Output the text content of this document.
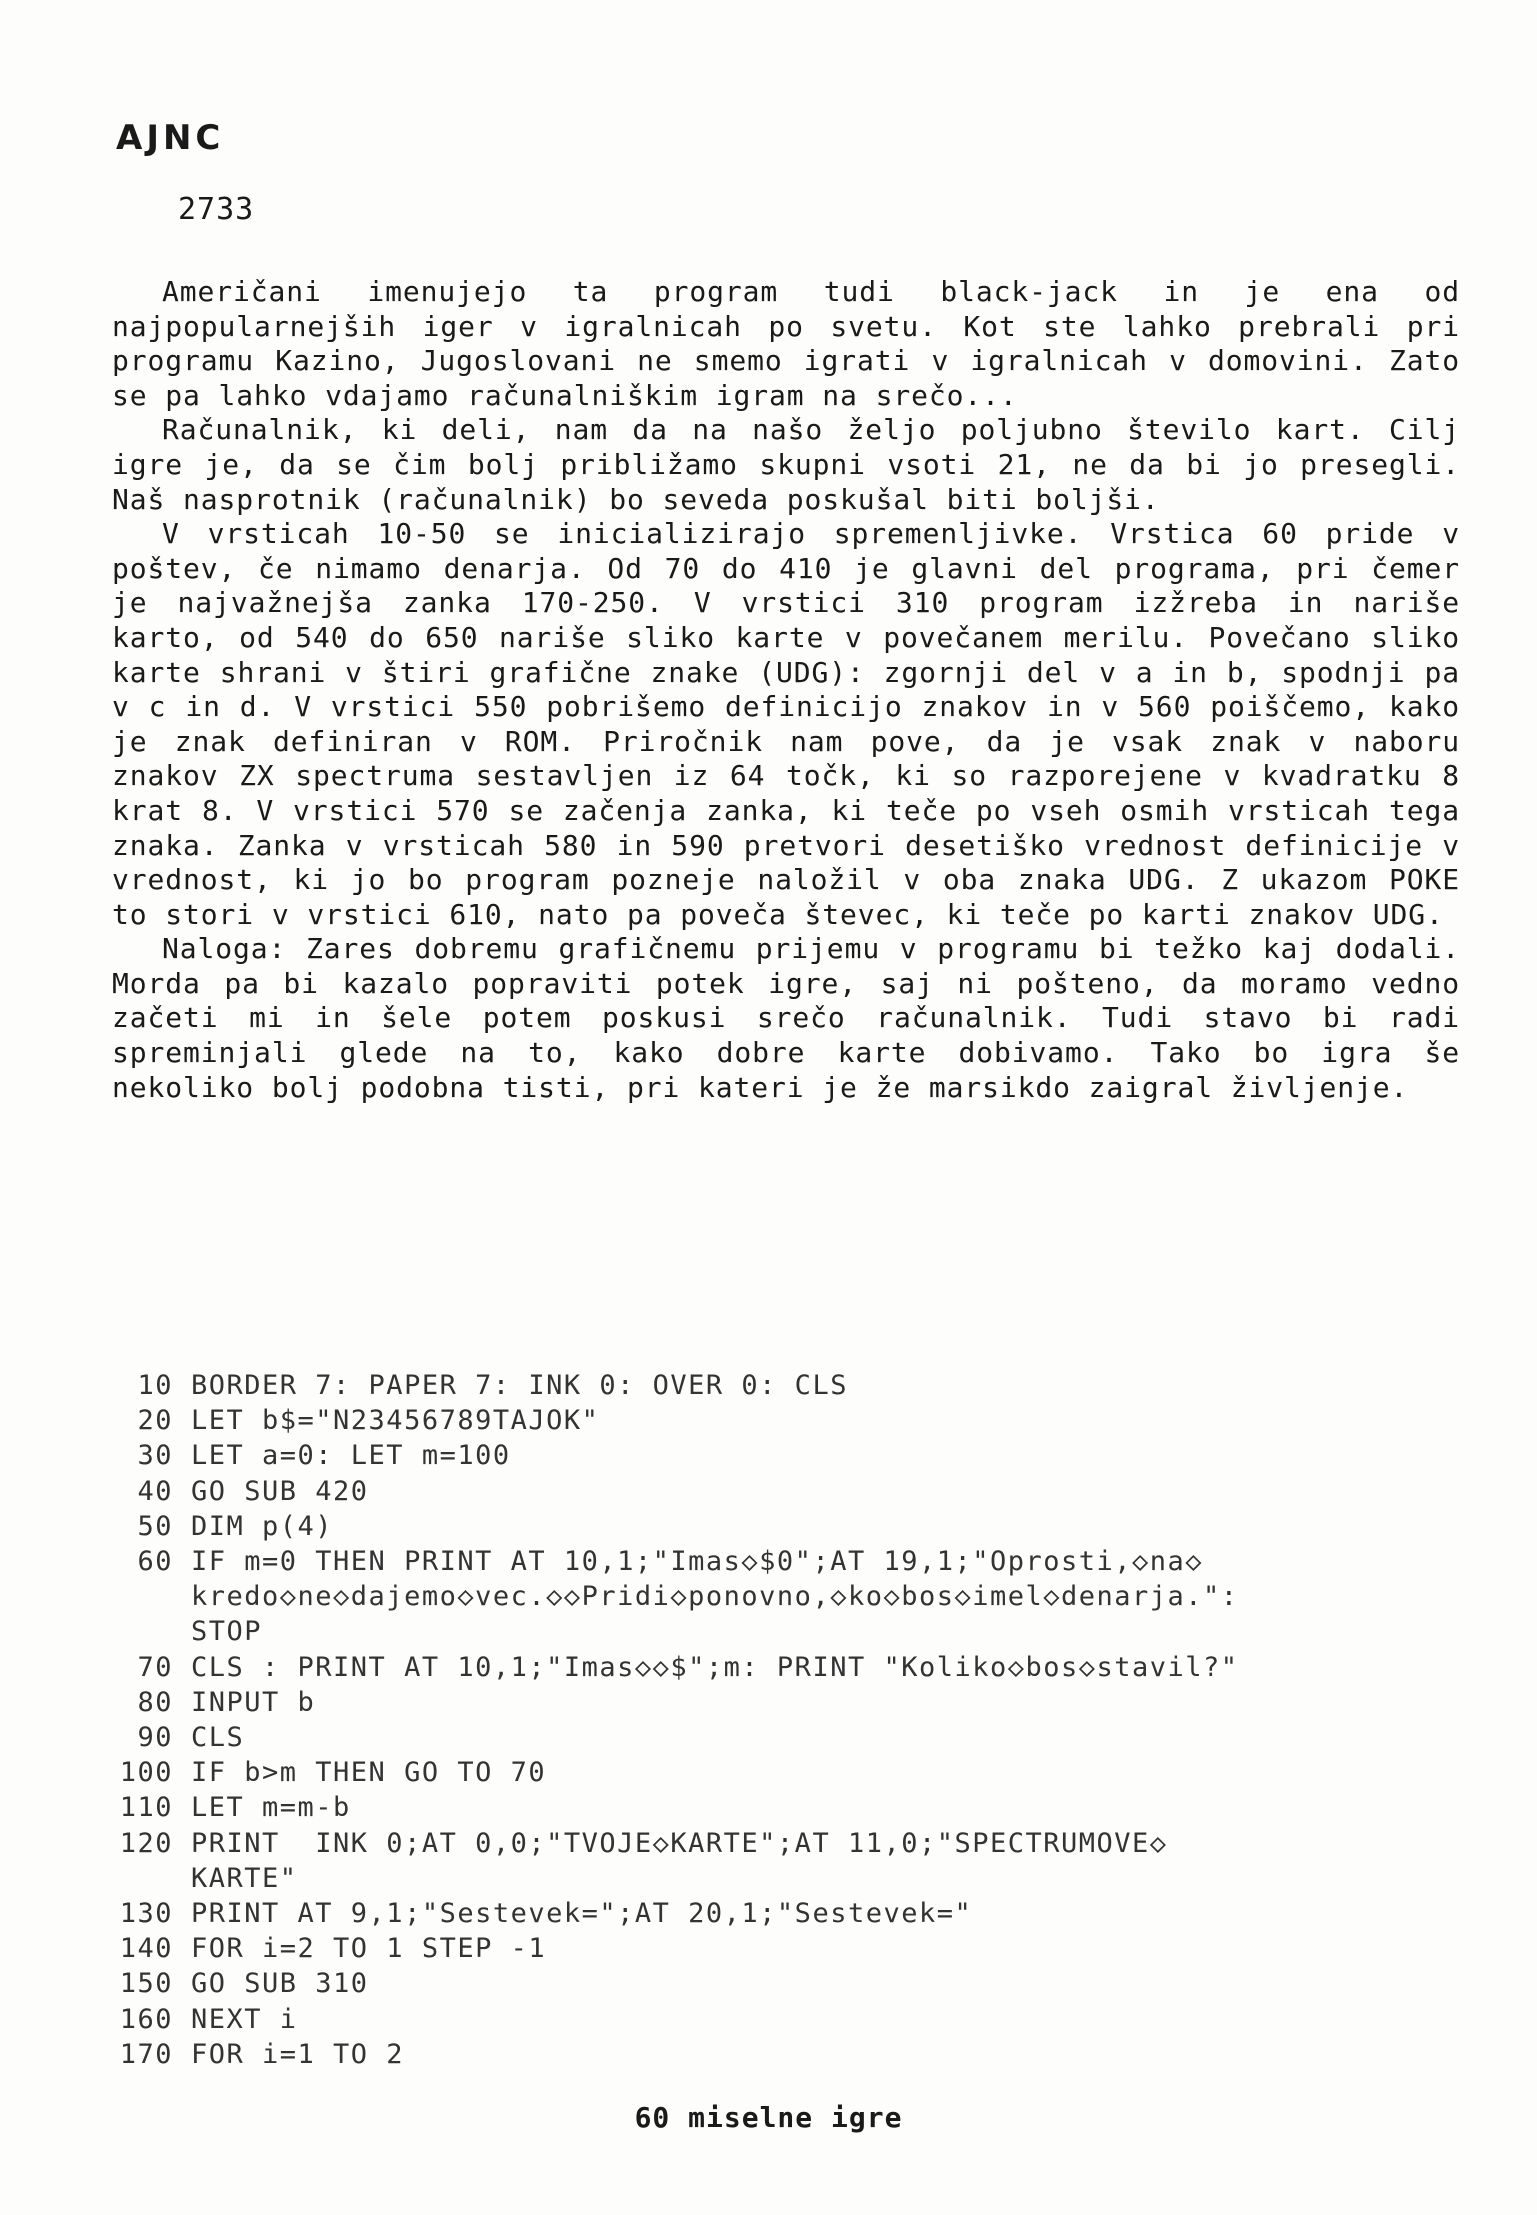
AJNC
2733

Američani imenujejo ta program tudi black-jack in je ena od najpopularnejših iger v igralnicah po svetu. Kot ste lahko prebrali pri programu Kazino, Jugoslovani ne smemo igrati v igralnicah v domovini. Zato se pa lahko vdajamo računalniškim igram na srečo...

Računalnik, ki deli, nam da na našo željo poljubno število kart. Cilj igre je, da se čim bolj približamo skupni vsoti 21, ne da bi jo presegli. Naš nasprotnik (računalnik) bo seveda poskušal biti boljši.

V vrsticah 10-50 se inicializirajo spremenljivke. Vrstica 60 pride v poštev, če nimamo denarja. Od 70 do 410 je glavni del programa, pri čemer je najvažnejša zanka 170-250. V vrstici 310 program izžreba in nariše karto, od 540 do 650 nariše sliko karte v povečanem merilu. Povečano sliko karte shrani v štiri grafične znake (UDG): zgornji del v a in b, spodnji pa v c in d. V vrstici 550 pobrišemo definicijo znakov in v 560 poiščemo, kako je znak definiran v ROM. Priročnik nam pove, da je vsak znak v naboru znakov ZX spectruma sestavljen iz 64 točk, ki so razporejene v kvadratku 8 krat 8. V vrstici 570 se začenja zanka, ki teče po vseh osmih vrsticah tega znaka. Zanka v vrsticah 580 in 590 pretvori desetiško vrednost definicije v vrednost, ki jo bo program pozneje naložil v oba znaka UDG. Z ukazom POKE to stori v vrstici 610, nato pa poveča števec, ki teče po karti znakov UDG.

Naloga: Zares dobremu grafičnemu prijemu v programu bi težko kaj dodali. Morda pa bi kazalo popraviti potek igre, saj ni pošteno, da moramo vedno začeti mi in šele potem poskusi srečo računalnik. Tudi stavo bi radi spreminjali glede na to, kako dobre karte dobivamo. Tako bo igra še nekoliko bolj podobna tisti, pri kateri je že marsikdo zaigral življenje.

10 BORDER 7: PAPER 7: INK 0: OVER 0: CLS
20 LET b$="N23456789TAJOK"
30 LET a=0: LET m=100
40 GO SUB 420
50 DIM p(4)
60 IF m=0 THEN PRINT AT 10,1;"Imas◇$0";AT 19,1;"Oprosti,◇na◇
kredo◇ne◇dajemo◇vec.◇◇Pridi◇ponovno,◇ko◇bos◇imel◇denarja.":
STOP
70 CLS : PRINT AT 10,1;"Imas◇◇$";m: PRINT "Koliko◇bos◇stavil?"
80 INPUT b
90 CLS
100 IF b>m THEN GO TO 70
110 LET m=m-b
120 PRINT  INK 0;AT 0,0;"TVOJE◇KARTE";AT 11,0;"SPECTRUMOVE◇
KARTE"
130 PRINT AT 9,1;"Sestevek=";AT 20,1;"Sestevek="
140 FOR i=2 TO 1 STEP -1
150 GO SUB 310
160 NEXT i
170 FOR i=1 TO 2
60 miselne igre
